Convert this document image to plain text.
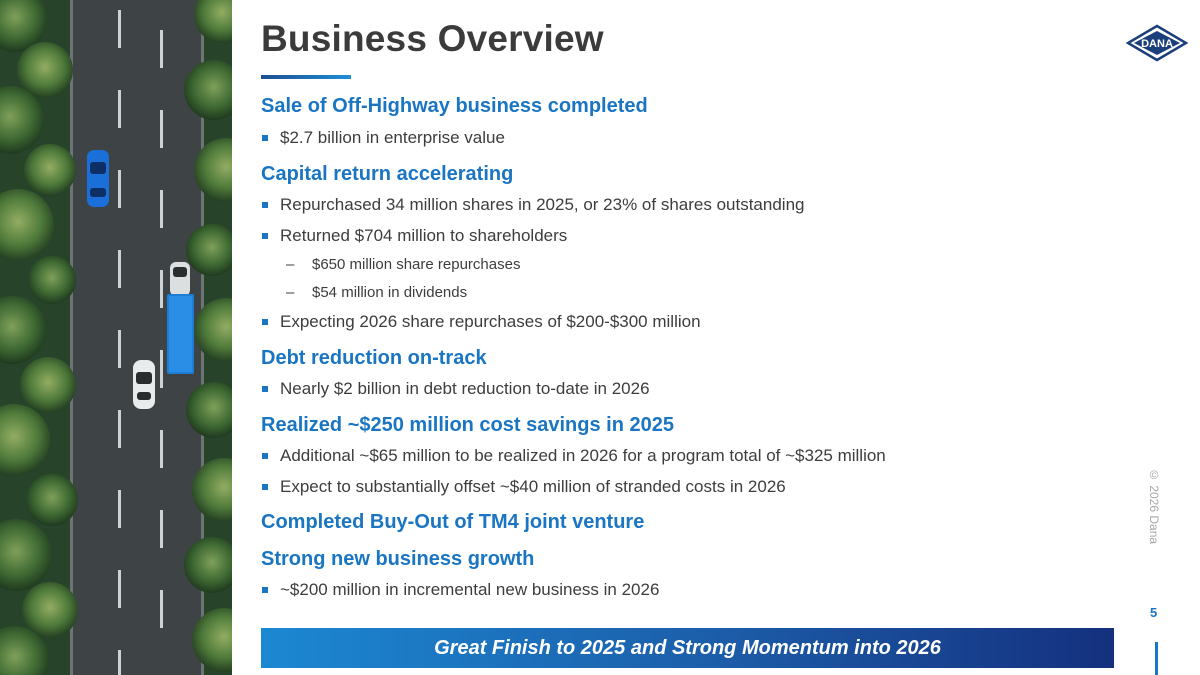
Business Overview	DANA
Sale of Off-Highway business completed
$2.7 billion in enterprise value
Capital return accelerating
Repurchased 34 million shares in 2025, or 23% of shares outstanding
Returned $704 million to shareholders
– $650 million share repurchases
– $54 million in dividends
Expecting 2026 share repurchases of $200-$300 million
Debt reduction on-track
Nearly $2 billion in debt reduction to-date in 2026
Realized ~$250 million cost savings in 2025
Additional ~$65 million to be realized in 2026 for a program total of ~$325 million
Expect to substantially offset ~$40 million of stranded costs in 2026
Completed Buy-Out of TM4 joint venture
Strong new business growth
~$200 million in incremental new business in 2026
Great Finish to 2025 and Strong Momentum into 2026
© 2026 Dana
5
